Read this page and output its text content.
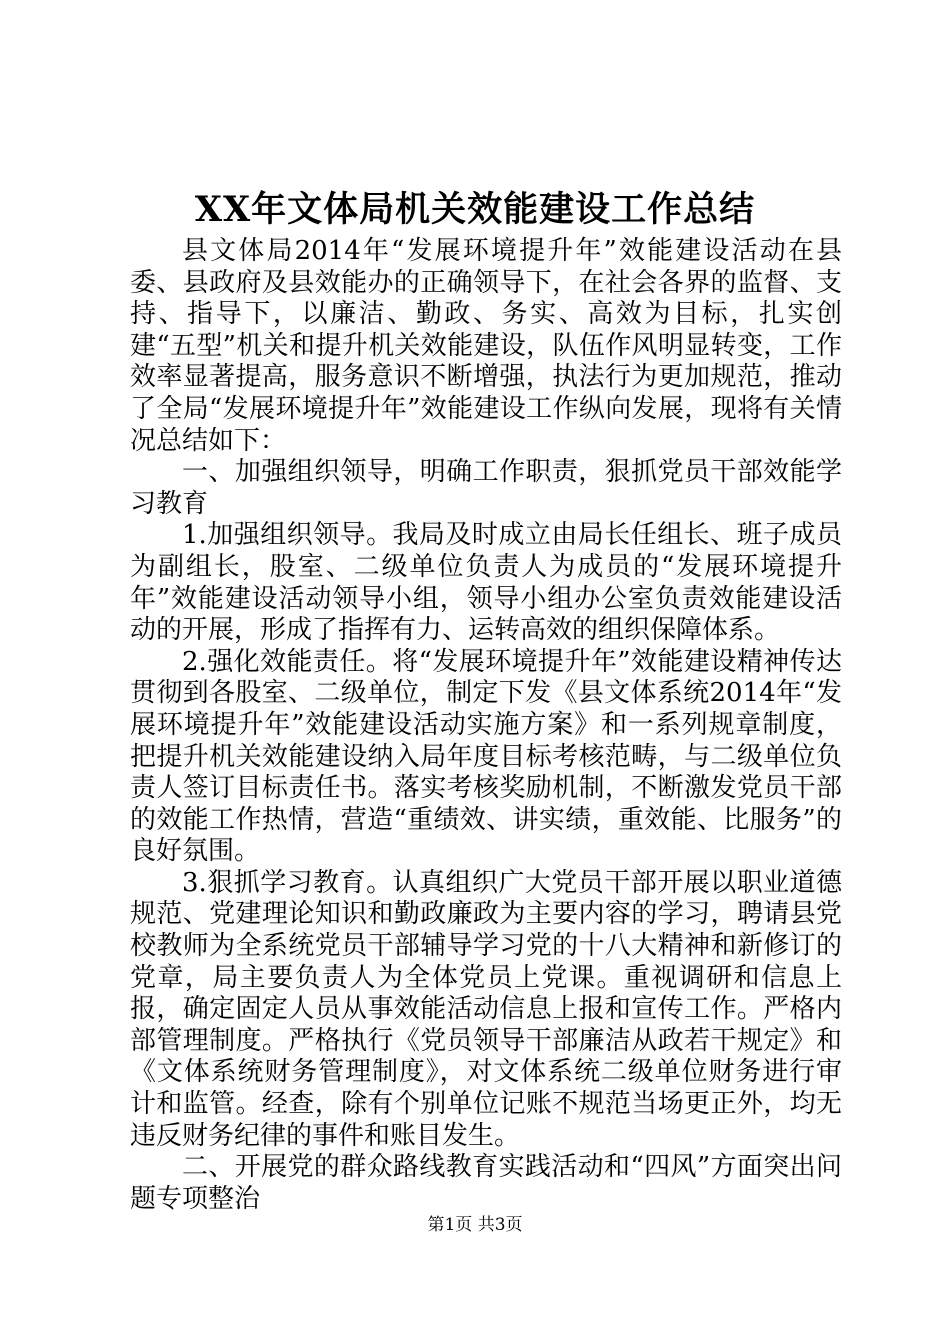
XX年文体局机关效能建设工作总结

县文体局2014年“发展环境提升年”效能建设活动在县委、县政府及县效能办的正确领导下，在社会各界的监督、支持、指导下，以廉洁、勤政、务实、高效为目标，扎实创建“五型”机关和提升机关效能建设，队伍作风明显转变，工作效率显著提高，服务意识不断增强，执法行为更加规范，推动了全局“发展环境提升年”效能建设工作纵向发展，现将有关情况总结如下：

一、加强组织领导，明确工作职责，狠抓党员干部效能学习教育

1.加强组织领导。我局及时成立由局长任组长、班子成员为副组长，股室、二级单位负责人为成员的“发展环境提升年”效能建设活动领导小组，领导小组办公室负责效能建设活动的开展，形成了指挥有力、运转高效的组织保障体系。

2.强化效能责任。将“发展环境提升年”效能建设精神传达贯彻到各股室、二级单位，制定下发《县文体系统2014年“发展环境提升年”效能建设活动实施方案》和一系列规章制度，把提升机关效能建设纳入局年度目标考核范畴，与二级单位负责人签订目标责任书。落实考核奖励机制，不断激发党员干部的效能工作热情，营造“重绩效、讲实绩，重效能、比服务”的良好氛围。

3.狠抓学习教育。认真组织广大党员干部开展以职业道德规范、党建理论知识和勤政廉政为主要内容的学习，聘请县党校教师为全系统党员干部辅导学习党的十八大精神和新修订的党章，局主要负责人为全体党员上党课。重视调研和信息上报，确定固定人员从事效能活动信息上报和宣传工作。严格内部管理制度。严格执行《党员领导干部廉洁从政若干规定》和《文体系统财务管理制度》，对文体系统二级单位财务进行审计和监管。经查，除有个别单位记账不规范当场更正外，均无违反财务纪律的事件和账目发生。

二、开展党的群众路线教育实践活动和“四风”方面突出问题专项整治

第1页 共3页
